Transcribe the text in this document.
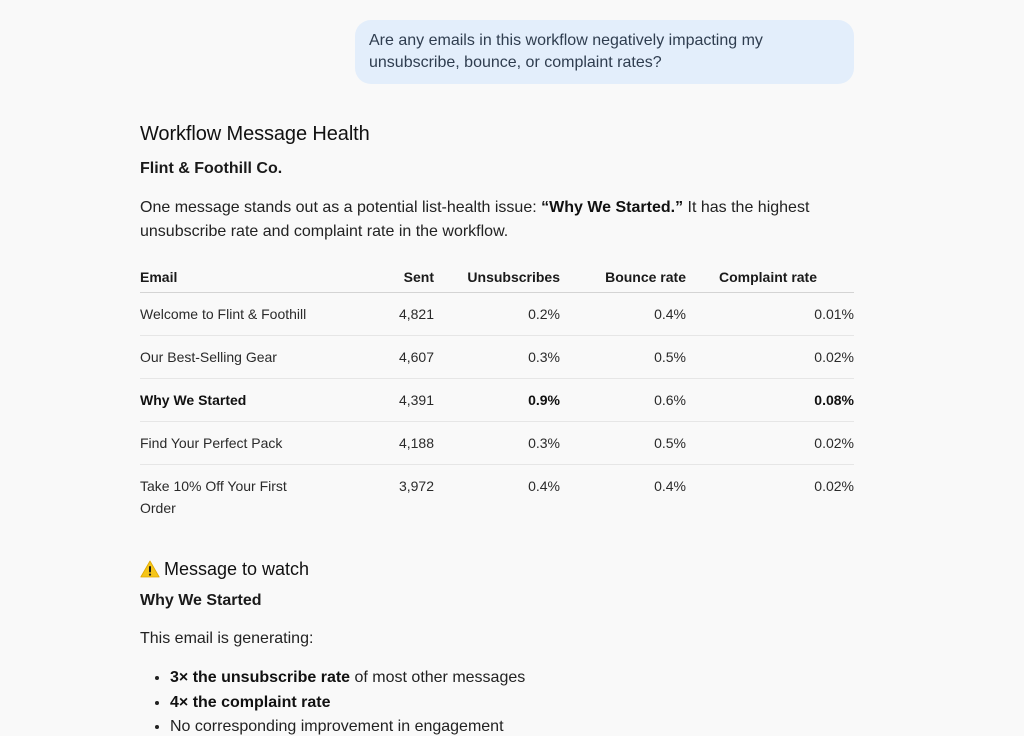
Are any emails in this workflow negatively impacting my unsubscribe, bounce, or complaint rates?
Workflow Message Health
Flint & Foothill Co.

One message stands out as a potential list-health issue: “Why We Started.” It has the highest unsubscribe rate and complaint rate in the workflow.

Email	Sent	Unsubscribes	Bounce rate	Complaint rate
Welcome to Flint & Foothill	4,821	0.2%	0.4%	0.01%
Our Best-Selling Gear	4,607	0.3%	0.5%	0.02%
Why We Started	4,391	0.9%	0.6%	0.08%
Find Your Perfect Pack	4,188	0.3%	0.5%	0.02%
Take 10% Off Your First Order	3,972	0.4%	0.4%	0.02%
Message to watch
Why We Started

This email is generating:

• 3× the unsubscribe rate of most other messages
• 4× the complaint rate
• No corresponding improvement in engagement
